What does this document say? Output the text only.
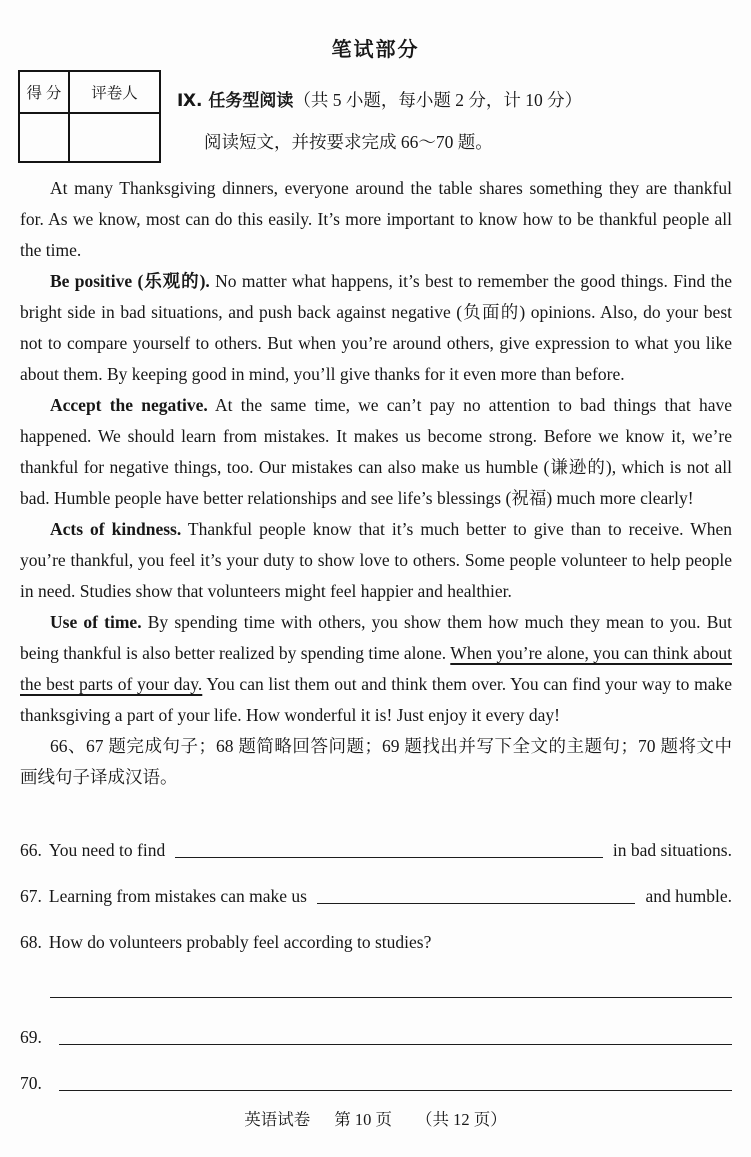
笔试部分
得 分	评卷人	Ⅸ. 任务型阅读（共 5 小题，每小题 2 分，计 10 分）
阅读短文，并按要求完成 66～70 题。

At many Thanksgiving dinners, everyone around the table shares something they are thankful for. As we know, most can do this easily. It’s more important to know how to be thankful people all the time.

Be positive (乐观的). No matter what happens, it’s best to remember the good things. Find the bright side in bad situations, and push back against negative (负面的) opinions. Also, do your best not to compare yourself to others. But when you’re around others, give expression to what you like about them. By keeping good in mind, you’ll give thanks for it even more than before.

Accept the negative. At the same time, we can’t pay no attention to bad things that have happened. We should learn from mistakes. It makes us become strong. Before we know it, we’re thankful for negative things, too. Our mistakes can also make us humble (谦逊的), which is not all bad. Humble people have better relationships and see life’s blessings (祝福) much more clearly!

Acts of kindness. Thankful people know that it’s much better to give than to receive. When you’re thankful, you feel it’s your duty to show love to others. Some people volunteer to help people in need. Studies show that volunteers might feel happier and healthier.

Use of time. By spending time with others, you show them how much they mean to you. But being thankful is also better realized by spending time alone. When you’re alone, you can think about the best parts of your day. You can list them out and think them over. You can find your way to make thanksgiving a part of your life. How wonderful it is! Just enjoy it every day!

66、67 题完成句子；68 题简略回答问题；69 题找出并写下全文的主题句；70 题将文中画线句子译成汉语。

66. You need to find	in bad situations.
67. Learning from mistakes can make us	and humble.
68. How do volunteers probably feel according to studies?
69.
70.
英语试卷 第 10 页 （共 12 页）
